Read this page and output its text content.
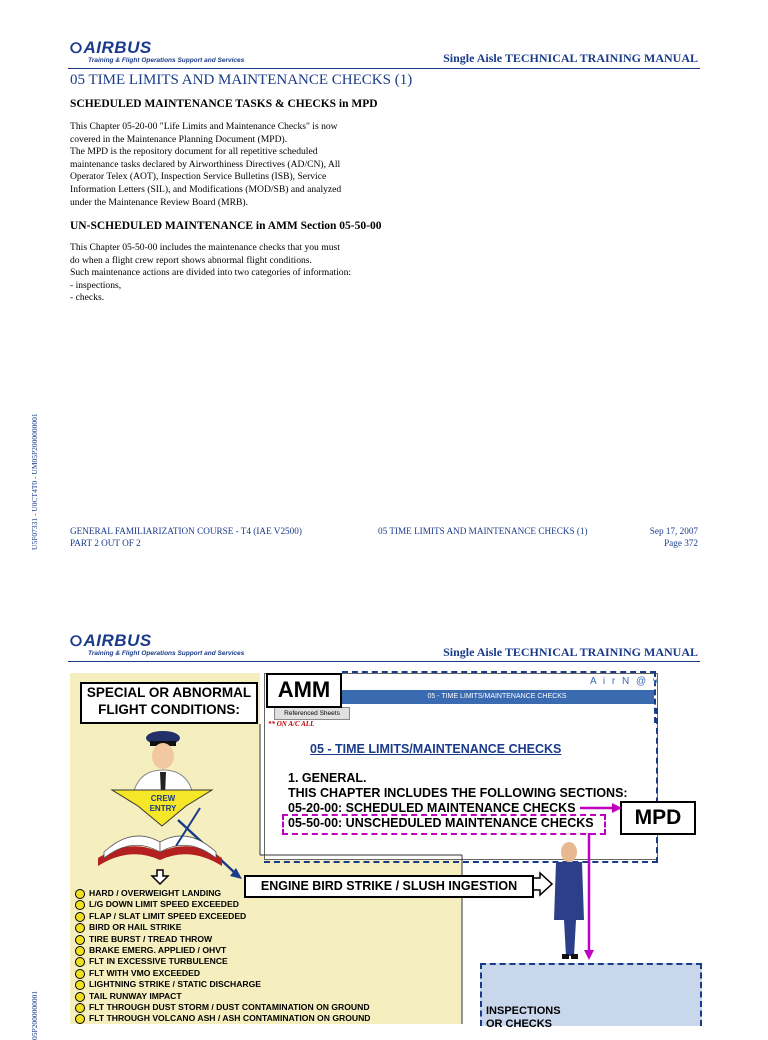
⭘AIRBUS
Training & Flight Operations Support and Services	Single Aisle TECHNICAL TRAINING MANUAL
05 TIME LIMITS AND MAINTENANCE CHECKS (1)
SCHEDULED MAINTENANCE TASKS & CHECKS in MPD
This Chapter 05-20-00 "Life Limits and Maintenance Checks" is now
covered in the Maintenance Planning Document (MPD).
The MPD is the repository document for all repetitive scheduled
maintenance tasks declared by Airworthiness Directives (AD/CN), All
Operator Telex (AOT), Inspection Service Bulletins (ISB), Service
Information Letters (SIL), and Modifications (MOD/SB) and analyzed
under the Maintenance Review Board (MRB).
UN-SCHEDULED MAINTENANCE in AMM Section 05-50-00
This Chapter 05-50-00 includes the maintenance checks that you must
do when a flight crew report shows abnormal flight conditions.
Such maintenance actions are divided into two categories of information:
- inspections,
- checks.
U5F07331 - U0CT4T0 - UM05P2000000001	GENERAL FAMILIARIZATION COURSE - T4 (IAE V2500)
PART 2 OUT OF 2
05 TIME LIMITS AND MAINTENANCE CHECKS (1)	Sep 17, 2007
Page 372
⭘AIRBUS
Training & Flight Operations Support and Services	Single Aisle TECHNICAL TRAINING MANUAL
05P2000000001
A i r N @ v
05 - TIME LIMITS/MAINTENANCE CHECKS
Referenced Sheets
** ON A/C ALL
AMM
05 - TIME LIMITS/MAINTENANCE CHECKS
1. GENERAL.
THIS CHAPTER INCLUDES THE FOLLOWING SECTIONS:
05-20-00: SCHEDULED MAINTENANCE CHECKS
05-50-00: UNSCHEDULED MAINTENANCE CHECKS	MPD
SPECIAL OR ABNORMAL
FLIGHT CONDITIONS:
CREW
ENTRY
ENGINE BIRD STRIKE / SLUSH INGESTION
HARD / OVERWEIGHT LANDING
L/G DOWN LIMIT SPEED EXCEEDED
FLAP / SLAT LIMIT SPEED EXCEEDED
BIRD OR HAIL STRIKE
TIRE BURST / TREAD THROW
BRAKE EMERG. APPLIED / OHVT
FLT IN EXCESSIVE TURBULENCE
FLT WITH VMO EXCEEDED
LIGHTNING STRIKE / STATIC DISCHARGE
TAIL RUNWAY IMPACT
FLT THROUGH DUST STORM / DUST CONTAMINATION ON GROUND
FLT THROUGH VOLCANO ASH / ASH CONTAMINATION ON GROUND
INSPECTIONS
OR CHECKS
